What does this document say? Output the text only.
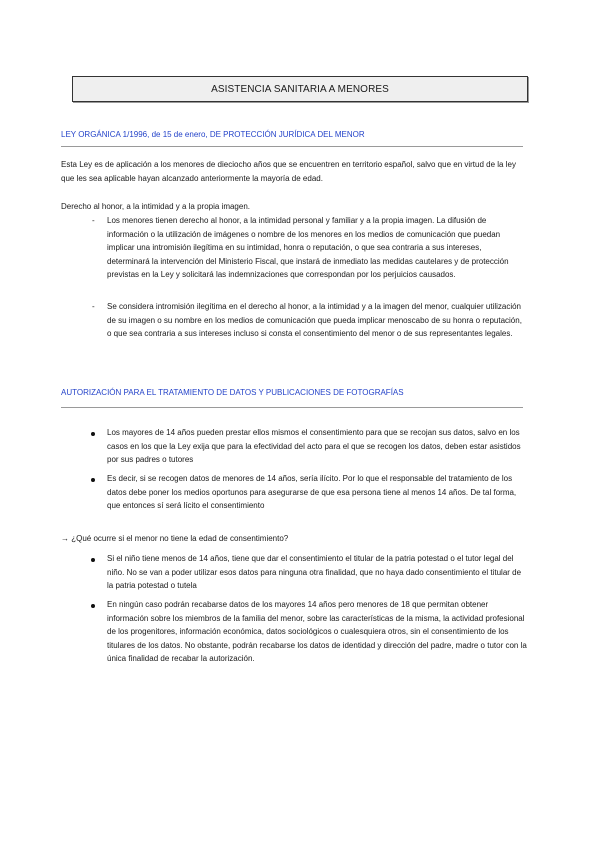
ASISTENCIA SANITARIA A MENORES
LEY ORGÁNICA 1/1996, de 15 de enero, DE PROTECCIÓN JURÍDICA DEL MENOR

Esta Ley es de aplicación a los menores de dieciocho años que se encuentren en territorio español, salvo que en virtud de la ley que les sea aplicable hayan alcanzado anteriormente la mayoría de edad.

Derecho al honor, a la intimidad y a la propia imagen.

- Los menores tienen derecho al honor, a la intimidad personal y familiar y a la propia imagen. La difusión de información o la utilización de imágenes o nombre de los menores en los medios de comunicación que puedan implicar una intromisión ilegítima en su intimidad, honra o reputación, o que sea contraria a sus intereses, determinará la intervención del Ministerio Fiscal, que instará de inmediato las medidas cautelares y de protección previstas en la Ley y solicitará las indemnizaciones que correspondan por los perjuicios causados.

- Se considera intromisión ilegítima en el derecho al honor, a la intimidad y a la imagen del menor, cualquier utilización de su imagen o su nombre en los medios de comunicación que pueda implicar menoscabo de su honra o reputación, o que sea contraria a sus intereses incluso si consta el consentimiento del menor o de sus representantes legales.

AUTORIZACIÓN PARA EL TRATAMIENTO DE DATOS Y PUBLICACIONES DE FOTOGRAFÍAS

Los mayores de 14 años pueden prestar ellos mismos el consentimiento para que se recojan sus datos, salvo en los casos en los que la Ley exija que para la efectividad del acto para el que se recogen los datos, deben estar asistidos por sus padres o tutores

Es decir, si se recogen datos de menores de 14 años, sería ilícito. Por lo que el responsable del tratamiento de los datos debe poner los medios oportunos para asegurarse de que esa persona tiene al menos 14 años. De tal forma, que entonces sí será lícito el consentimiento

→ ¿Qué ocurre si el menor no tiene la edad de consentimiento?

Si el niño tiene menos de 14 años, tiene que dar el consentimiento el titular de la patria potestad o el tutor legal del niño. No se van a poder utilizar esos datos para ninguna otra finalidad, que no haya dado consentimiento el titular de la patria potestad o tutela

En ningún caso podrán recabarse datos de los mayores 14 años pero menores de 18 que permitan obtener información sobre los miembros de la familia del menor, sobre las características de la misma, la actividad profesional de los progenitores, información económica, datos sociológicos o cualesquiera otros, sin el consentimiento de los titulares de los datos. No obstante, podrán recabarse los datos de identidad y dirección del padre, madre o tutor con la única finalidad de recabar la autorización.
